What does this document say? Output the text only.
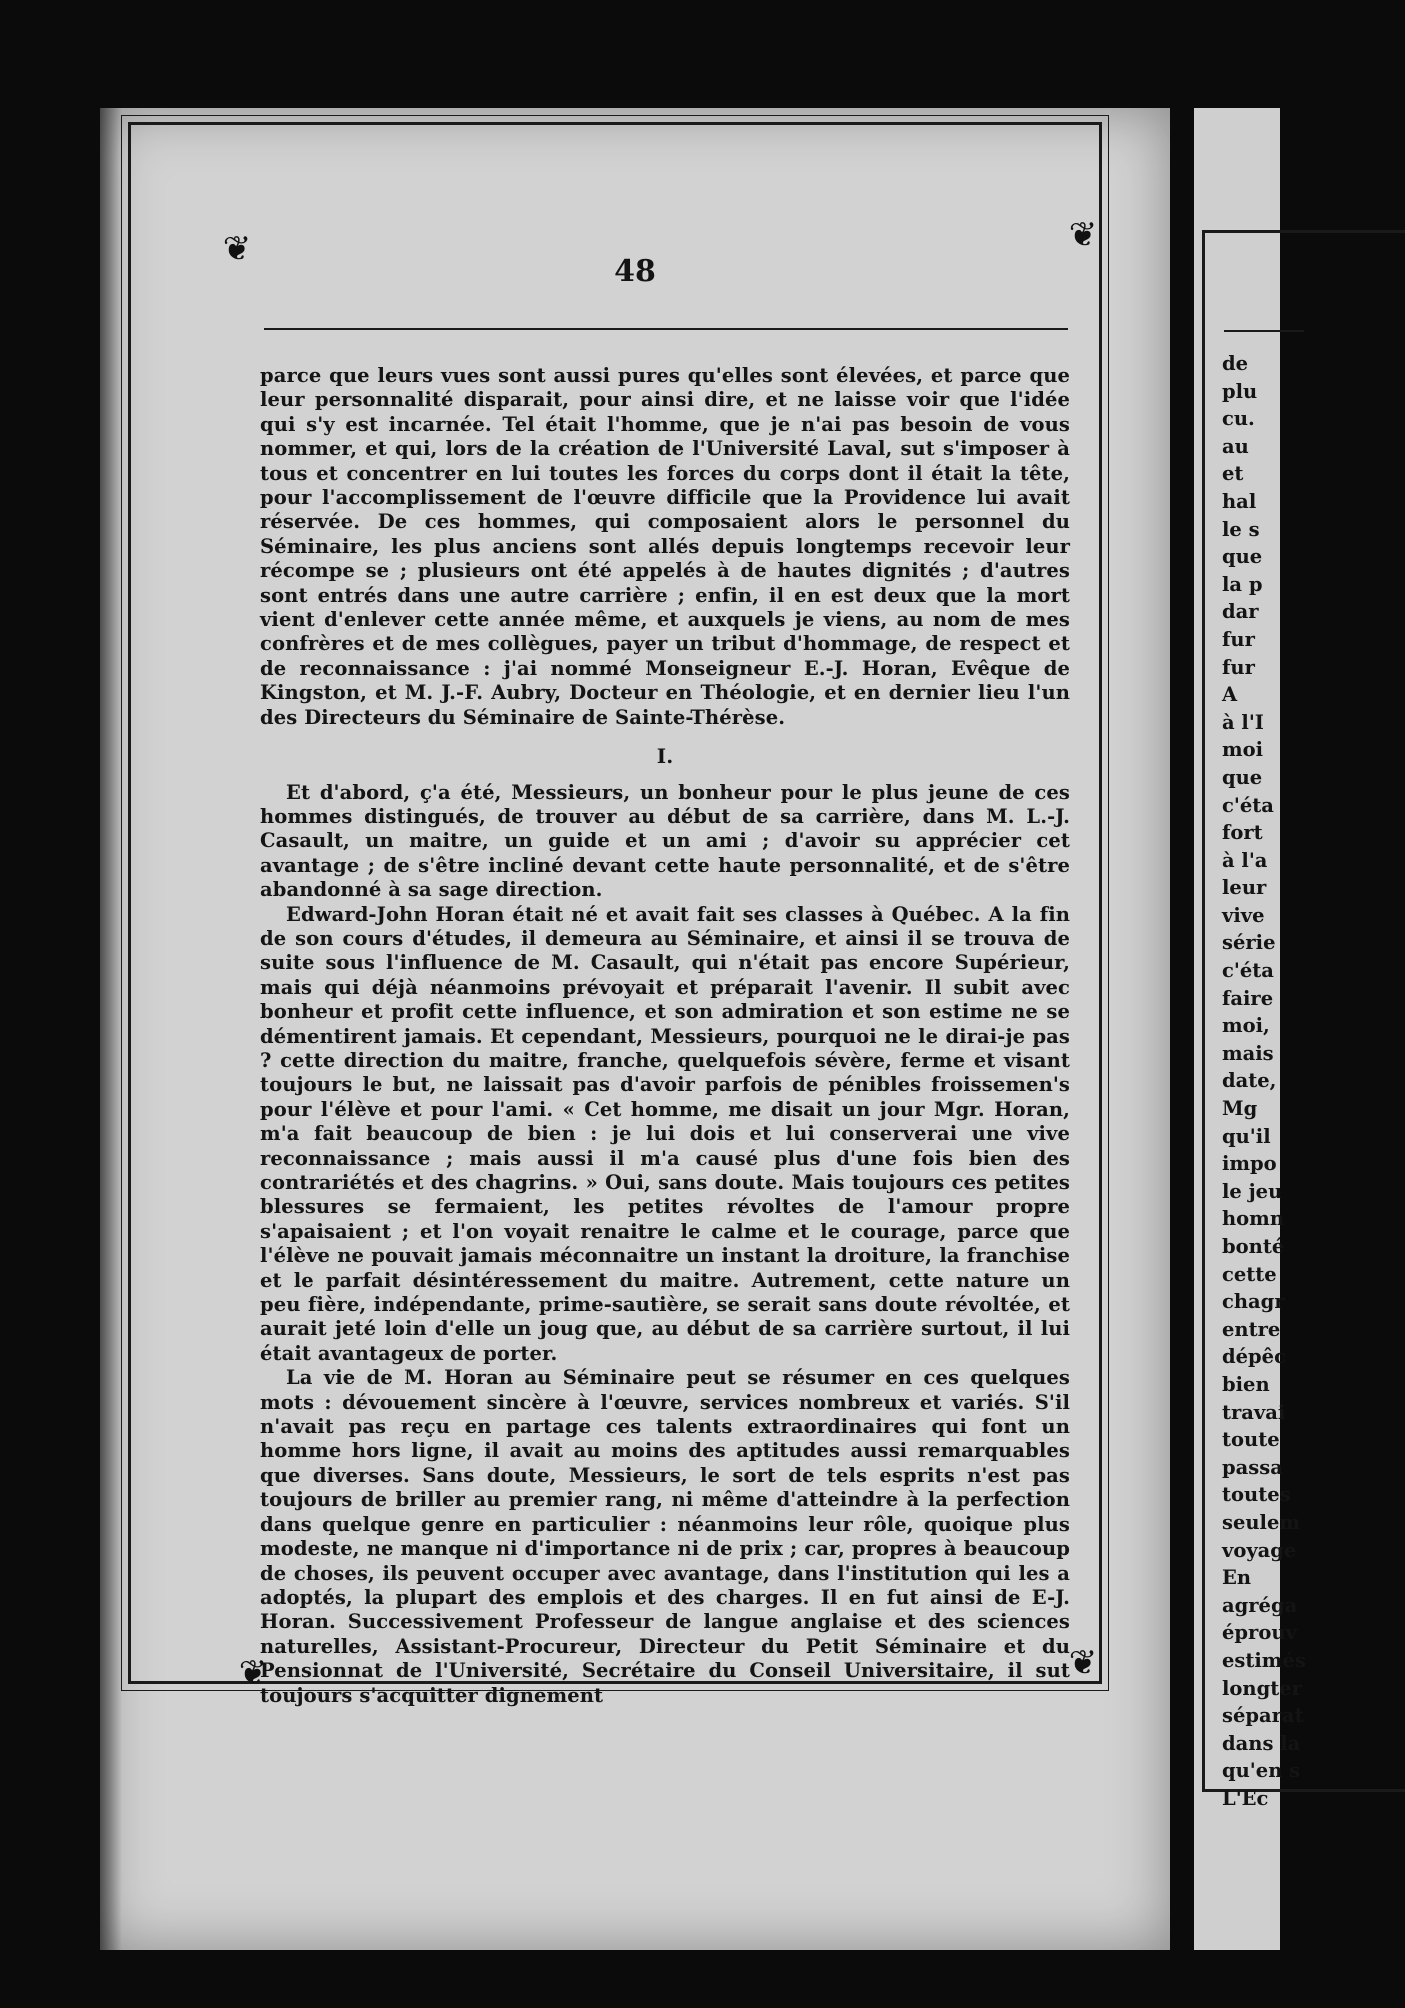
48
❦	❦
❦	❦

parce que leurs vues sont aussi pures qu'elles sont élevées, et parce que leur personnalité disparait, pour ainsi dire, et ne laisse voir que l'idée qui s'y est incarnée. Tel était l'homme, que je n'ai pas besoin de vous nommer, et qui, lors de la création de l'Université Laval, sut s'imposer à tous et concentrer en lui toutes les forces du corps dont il était la tête, pour l'accomplissement de l'œuvre difficile que la Providence lui avait réservée. De ces hommes, qui composaient alors le personnel du Séminaire, les plus anciens sont allés depuis longtemps recevoir leur récompe se ; plusieurs ont été appelés à de hautes dignités ; d'autres sont entrés dans une autre carrière ; enfin, il en est deux que la mort vient d'enlever cette année même, et auxquels je viens, au nom de mes confrères et de mes collègues, payer un tribut d'hommage, de respect et de reconnaissance : j'ai nommé Monseigneur E.-J. Horan, Evêque de Kingston, et M. J.-F. Aubry, Docteur en Théologie, et en dernier lieu l'un des Directeurs du Séminaire de Sainte-Thérèse.

I.

Et d'abord, ç'a été, Messieurs, un bonheur pour le plus jeune de ces hommes distingués, de trouver au début de sa carrière, dans M. L.-J. Casault, un maitre, un guide et un ami ; d'avoir su apprécier cet avantage ; de s'être incliné devant cette haute personnalité, et de s'être abandonné à sa sage direction.

Edward-John Horan était né et avait fait ses classes à Québec. A la fin de son cours d'études, il demeura au Séminaire, et ainsi il se trouva de suite sous l'influence de M. Casault, qui n'était pas encore Supérieur, mais qui déjà néanmoins prévoyait et préparait l'avenir. Il subit avec bonheur et profit cette influence, et son admiration et son estime ne se démentirent jamais. Et cependant, Messieurs, pourquoi ne le dirai-je pas ? cette direction du maitre, franche, quelquefois sévère, ferme et visant toujours le but, ne laissait pas d'avoir parfois de pénibles froissemen's pour l'élève et pour l'ami. « Cet homme, me disait un jour Mgr. Horan, m'a fait beaucoup de bien : je lui dois et lui conserverai une vive reconnaissance ; mais aussi il m'a causé plus d'une fois bien des contrariétés et des chagrins. » Oui, sans doute. Mais toujours ces petites blessures se fermaient, les petites révoltes de l'amour propre s'apaisaient ; et l'on voyait renaitre le calme et le courage, parce que l'élève ne pouvait jamais méconnaitre un instant la droiture, la franchise et le parfait désintéressement du maitre. Autrement, cette nature un peu fière, indépendante, prime-sautière, se serait sans doute révoltée, et aurait jeté loin d'elle un joug que, au début de sa carrière surtout, il lui était avantageux de porter.

La vie de M. Horan au Séminaire peut se résumer en ces quelques mots : dévouement sincère à l'œuvre, services nombreux et variés. S'il n'avait pas reçu en partage ces talents extraordinaires qui font un homme hors ligne, il avait au moins des aptitudes aussi remarquables que diverses. Sans doute, Messieurs, le sort de tels esprits n'est pas toujours de briller au premier rang, ni même d'atteindre à la perfection dans quelque genre en particulier : néanmoins leur rôle, quoique plus modeste, ne manque ni d'importance ni de prix ; car, propres à beaucoup de choses, ils peuvent occuper avec avantage, dans l'institution qui les a adoptés, la plupart des emplois et des charges. Il en fut ainsi de E-J. Horan. Successivement Professeur de langue anglaise et des sciences naturelles, Assistant-Procureur, Directeur du Petit Séminaire et du Pensionnat de l'Université, Secrétaire du Conseil Universitaire, il sut toujours s'acquitter dignement

de
plu
cu.
au
et
hal
le s
que
la p
dar
fur
fur
A
à l'I
moi
que
c'éta
fort
à l'a
leur
vive
série
c'éta
faire
moi,
mais
date,
Mg
qu'il
impo
le jeu
homn
bonté
cette
chagr
entre
dépêc
bien
travai
toute
passa
toutes
seulem
voyage
En
agréga
éprouv
estimés
longter
séparat
dans la
qu'en s
L'Ec
